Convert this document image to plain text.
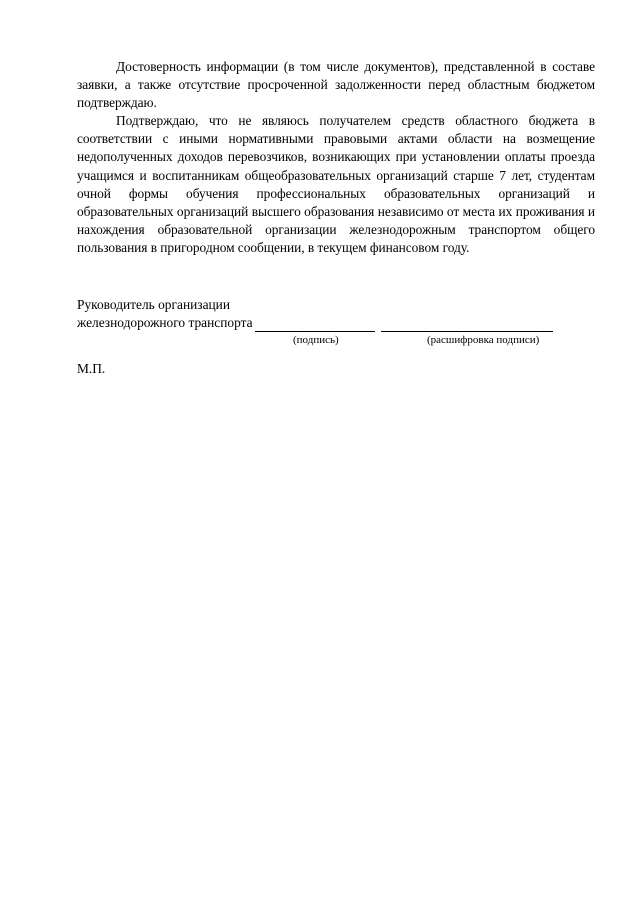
Достоверность информации (в том числе документов), представленной в составе заявки, а также отсутствие просроченной задолженности перед областным бюджетом подтверждаю.

Подтверждаю, что не являюсь получателем средств областного бюджета в соответствии с иными нормативными правовыми актами области на возмещение недополученных доходов перевозчиков, возникающих при установлении оплаты проезда учащимся и воспитанникам общеобразовательных организаций старше 7 лет, студентам очной формы обучения профессиональных образовательных организаций и образовательных организаций высшего образования независимо от места их проживания и нахождения образовательной организации железнодорожным транспортом общего пользования в пригородном сообщении, в текущем финансовом году.

Руководитель организации
железнодорожного транспорта
(подпись)	(расшифровка подписи)
М.П.
